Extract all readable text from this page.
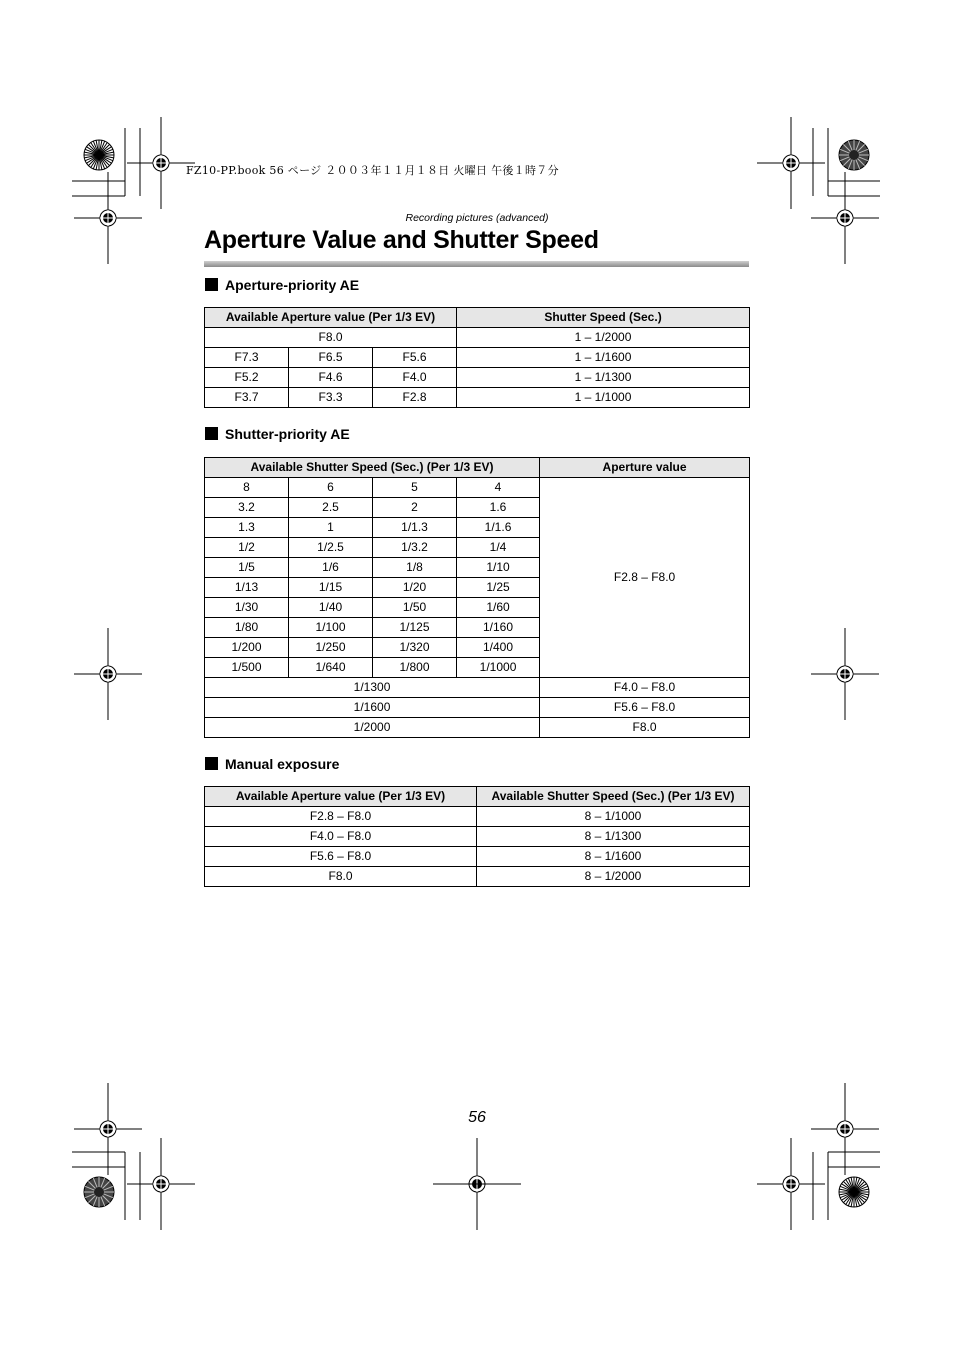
FZ10-PP.book 56 ページ ２００３年１１月１８日 火曜日 午後１時７分
Recording pictures (advanced)
Aperture Value and Shutter Speed
Aperture-priority AE
Available Aperture value (Per 1/3 EV)			Shutter Speed (Sec.)
F8.0			1 – 1/2000
F7.3	F6.5	F5.6	1 – 1/1600
F5.2	F4.6	F4.0	1 – 1/1300
F3.7	F3.3	F2.8	1 – 1/1000
Shutter-priority AE
Available Shutter Speed (Sec.) (Per 1/3 EV)				Aperture value
8	6	5	4	F2.8 – F8.0
3.2	2.5	2	1.6	
1.3	1	1/1.3	1/1.6	
1/2	1/2.5	1/3.2	1/4	
1/5	1/6	1/8	1/10	
1/13	1/15	1/20	1/25	
1/30	1/40	1/50	1/60	
1/80	1/100	1/125	1/160	
1/200	1/250	1/320	1/400	
1/500	1/640	1/800	1/1000	
1/1300				F4.0 – F8.0
1/1600				F5.6 – F8.0
1/2000				F8.0
Manual exposure
Available Aperture value (Per 1/3 EV)	Available Shutter Speed (Sec.) (Per 1/3 EV)
F2.8 – F8.0	8 – 1/1000
F4.0 – F8.0	8 – 1/1300
F5.6 – F8.0	8 – 1/1600
F8.0	8 – 1/2000
56
